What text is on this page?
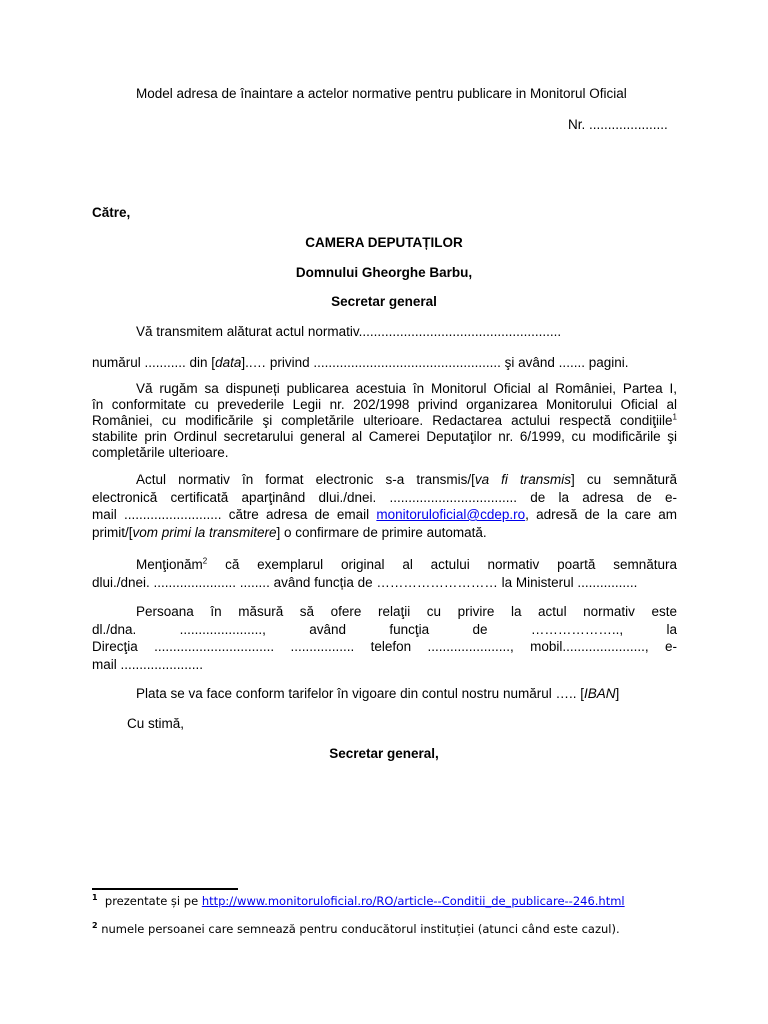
Model adresa de înaintare a actelor normative pentru publicare in Monitorul Oficial
Nr. .....................
Către,
CAMERA DEPUTAȚILOR
Domnului Gheorghe Barbu,
Secretar general
Vă transmitem alăturat actul normativ......................................................
numărul ........... din [data]..… privind .................................................. şi având ....... pagini.
Vă rugăm sa dispuneți publicarea acestuia în Monitorul Oficial al României, Partea I,
în conformitate cu prevederile Legii nr. 202/1998 privind organizarea Monitorului Oficial al
României, cu modificările şi completările ulterioare. Redactarea actului respectă condiţiile$^1$
stabilite prin Ordinul secretarului general al Camerei Deputaţilor nr. 6/1999, cu modificările şi
completările ulterioare.
Actul normativ în format electronic s-a transmis/[va fi transmis] cu semnătură
electronică certificată aparţinând dlui./dnei. .................................. de la adresa de e-
mail .......................... către adresa de email monitoruloficial@cdep.ro, adresă de la care am
primit/[vom primi la transmitere] o confirmare de primire automată.
Menţionăm$^2$ că exemplarul original al actului normativ poartă semnătura
dlui./dnei. ...................... ........ având funcția de ……………………… la Ministerul ................
Persoana în măsură să ofere relaţii cu privire la actul normativ este
dl./dna. ......................, având funcţia de ……………….., la
Direcţia ................................ ................. telefon ......................, mobil......................, e-
mail ......................
Plata se va face conform tarifelor în vigoare din contul nostru numărul ….. [IBAN]
Cu stimă,
Secretar general,
$^1$ prezentate și pe http://www.monitoruloficial.ro/RO/article--Conditii_de_publicare--246.html
$^2$ numele persoanei care semnează pentru conducătorul instituției (atunci când este cazul).
